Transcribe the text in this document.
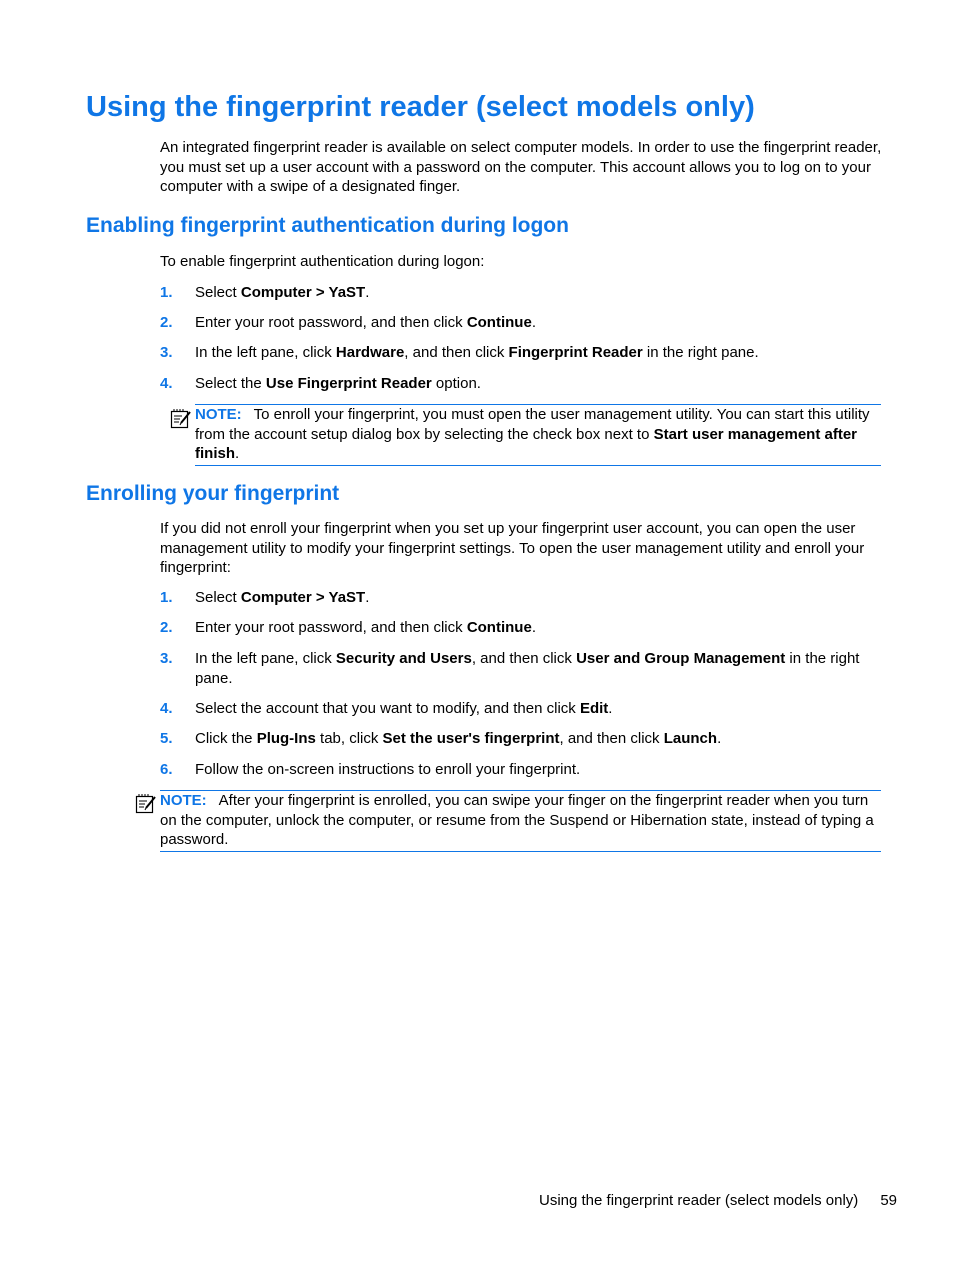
Using the fingerprint reader (select models only)

An integrated fingerprint reader is available on select computer models. In order to use the fingerprint reader, you must set up a user account with a password on the computer. This account allows you to log on to your computer with a swipe of a designated finger.

Enabling fingerprint authentication during logon

To enable fingerprint authentication during logon:

1. Select Computer > YaST.
2. Enter your root password, and then click Continue.
3. In the left pane, click Hardware, and then click Fingerprint Reader in the right pane.
4. Select the Use Fingerprint Reader option.
NOTE: To enroll your fingerprint, you must open the user management utility. You can start this utility from the account setup dialog box by selecting the check box next to Start user management after finish.
Enrolling your fingerprint

If you did not enroll your fingerprint when you set up your fingerprint user account, you can open the user management utility to modify your fingerprint settings. To open the user management utility and enroll your fingerprint:

1. Select Computer > YaST.
2. Enter your root password, and then click Continue.
3. In the left pane, click Security and Users, and then click User and Group Management in the right pane.
4. Select the account that you want to modify, and then click Edit.
5. Click the Plug-Ins tab, click Set the user's fingerprint, and then click Launch.
6. Follow the on-screen instructions to enroll your fingerprint.
NOTE: After your fingerprint is enrolled, you can swipe your finger on the fingerprint reader when you turn on the computer, unlock the computer, or resume from the Suspend or Hibernation state, instead of typing a password.
Using the fingerprint reader (select models only) 59
